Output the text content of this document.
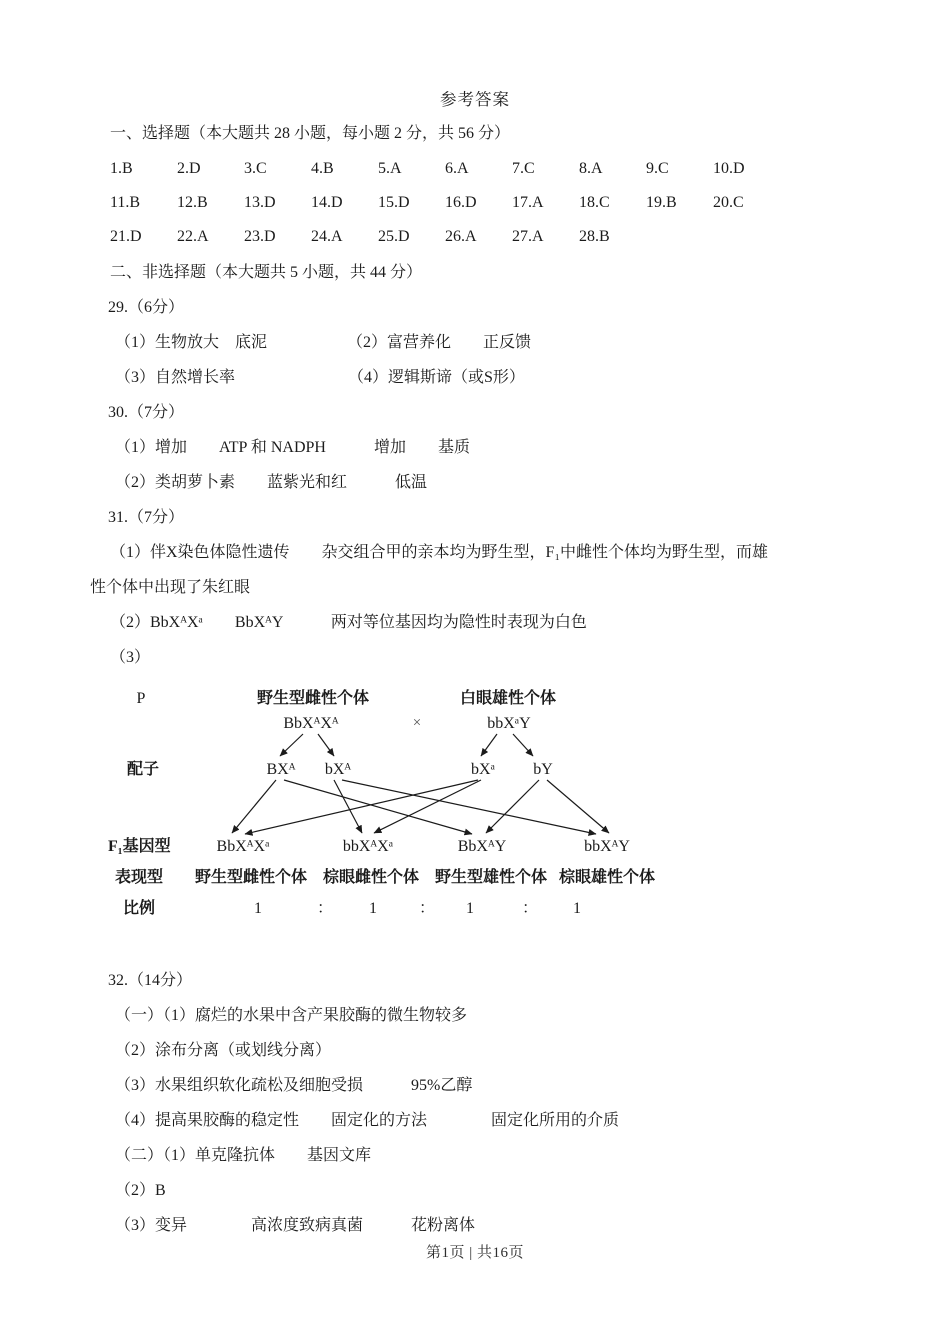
参考答案
一、选择题（本大题共 28 小题，每小题 2 分，共 56 分）
1.B	2.D	3.C	4.B	5.A	6.A	7.C	8.A	9.C	10.D
11.B 12.B 13.D 14.D 15.D 16.D 17.A 18.C 19.B 20.C
21.D 22.A 23.D 24.A 25.D 26.A 27.A 28.B
二、非选择题（本大题共 5 小题，共 44 分）
29.（6分）

（1）生物放大　底泥

	（2）富营养化　　正反馈

（3）自然增长率

	（4）逻辑斯谛（或S形）

30.（7分）
（1）增加　　ATP 和 NADPH　　　增加　　基质
（2）类胡萝卜素　　蓝紫光和红　　　低温
31.（7分）
（1）伴X染色体隐性遗传　　杂交组合甲的亲本均为野生型，F₁中雌性个体均为野生型，而雄
性个体中出现了朱红眼
（2）BbXᴬXᵃ　　BbXᴬY　　　两对等位基因均为隐性时表现为白色
（3）
P	野生型雌性个体	白眼雄性个体
BbXᴬXᴬ	×	bbXᵃY
配子	BXᴬ bXᴬ	bXᵃ bY
F₁基因型	BbXᴬXᵃ	bbXᴬXᵃ	BbXᴬY	bbXᴬY
表现型 野生型雌性个体 棕眼雌性个体 野生型雄性个体 棕眼雄性个体
比例	1	： 1	： 1	： 1
32.（14分）
（一）（1）腐烂的水果中含产果胶酶的微生物较多
（2）涂布分离（或划线分离）
（3）水果组织软化疏松及细胞受损　　　95%乙醇
（4）提高果胶酶的稳定性　　固定化的方法　　　　固定化所用的介质
（二）（1）单克隆抗体　　基因文库
（2）B
（3）变异　　　　高浓度致病真菌　　　花粉离体
第1页 | 共16页
